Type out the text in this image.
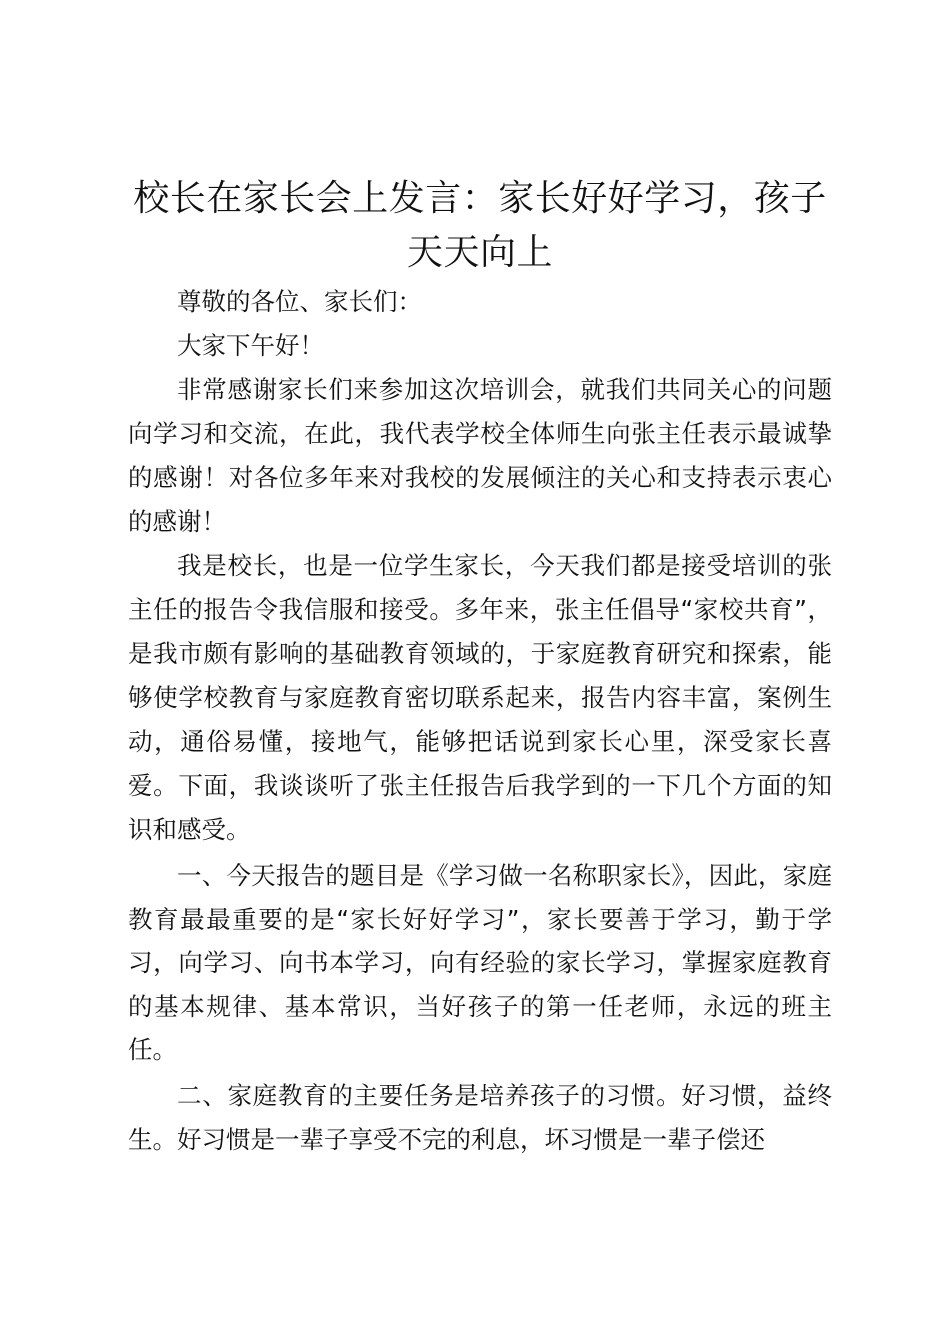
校长在家长会上发言：家长好好学习，孩子天天向上

尊敬的各位、家长们：

大家下午好！

非常感谢家长们来参加这次培训会，就我们共同关心的问题向学习和交流，在此，我代表学校全体师生向张主任表示最诚挚的感谢！对各位多年来对我校的发展倾注的关心和支持表示衷心的感谢！

我是校长，也是一位学生家长，今天我们都是接受培训的张主任的报告令我信服和接受。多年来，张主任倡导“家校共育”，是我市颇有影响的基础教育领域的，于家庭教育研究和探索，能够使学校教育与家庭教育密切联系起来，报告内容丰富，案例生动，通俗易懂，接地气，能够把话说到家长心里，深受家长喜爱。下面，我谈谈听了张主任报告后我学到的一下几个方面的知识和感受。

一、今天报告的题目是《学习做一名称职家长》，因此，家庭教育最最重要的是“家长好好学习”，家长要善于学习，勤于学习，向学习、向书本学习，向有经验的家长学习，掌握家庭教育的基本规律、基本常识，当好孩子的第一任老师，永远的班主任。

二、家庭教育的主要任务是培养孩子的习惯。好习惯，益终生。好习惯是一辈子享受不完的利息，坏习惯是一辈子偿还
